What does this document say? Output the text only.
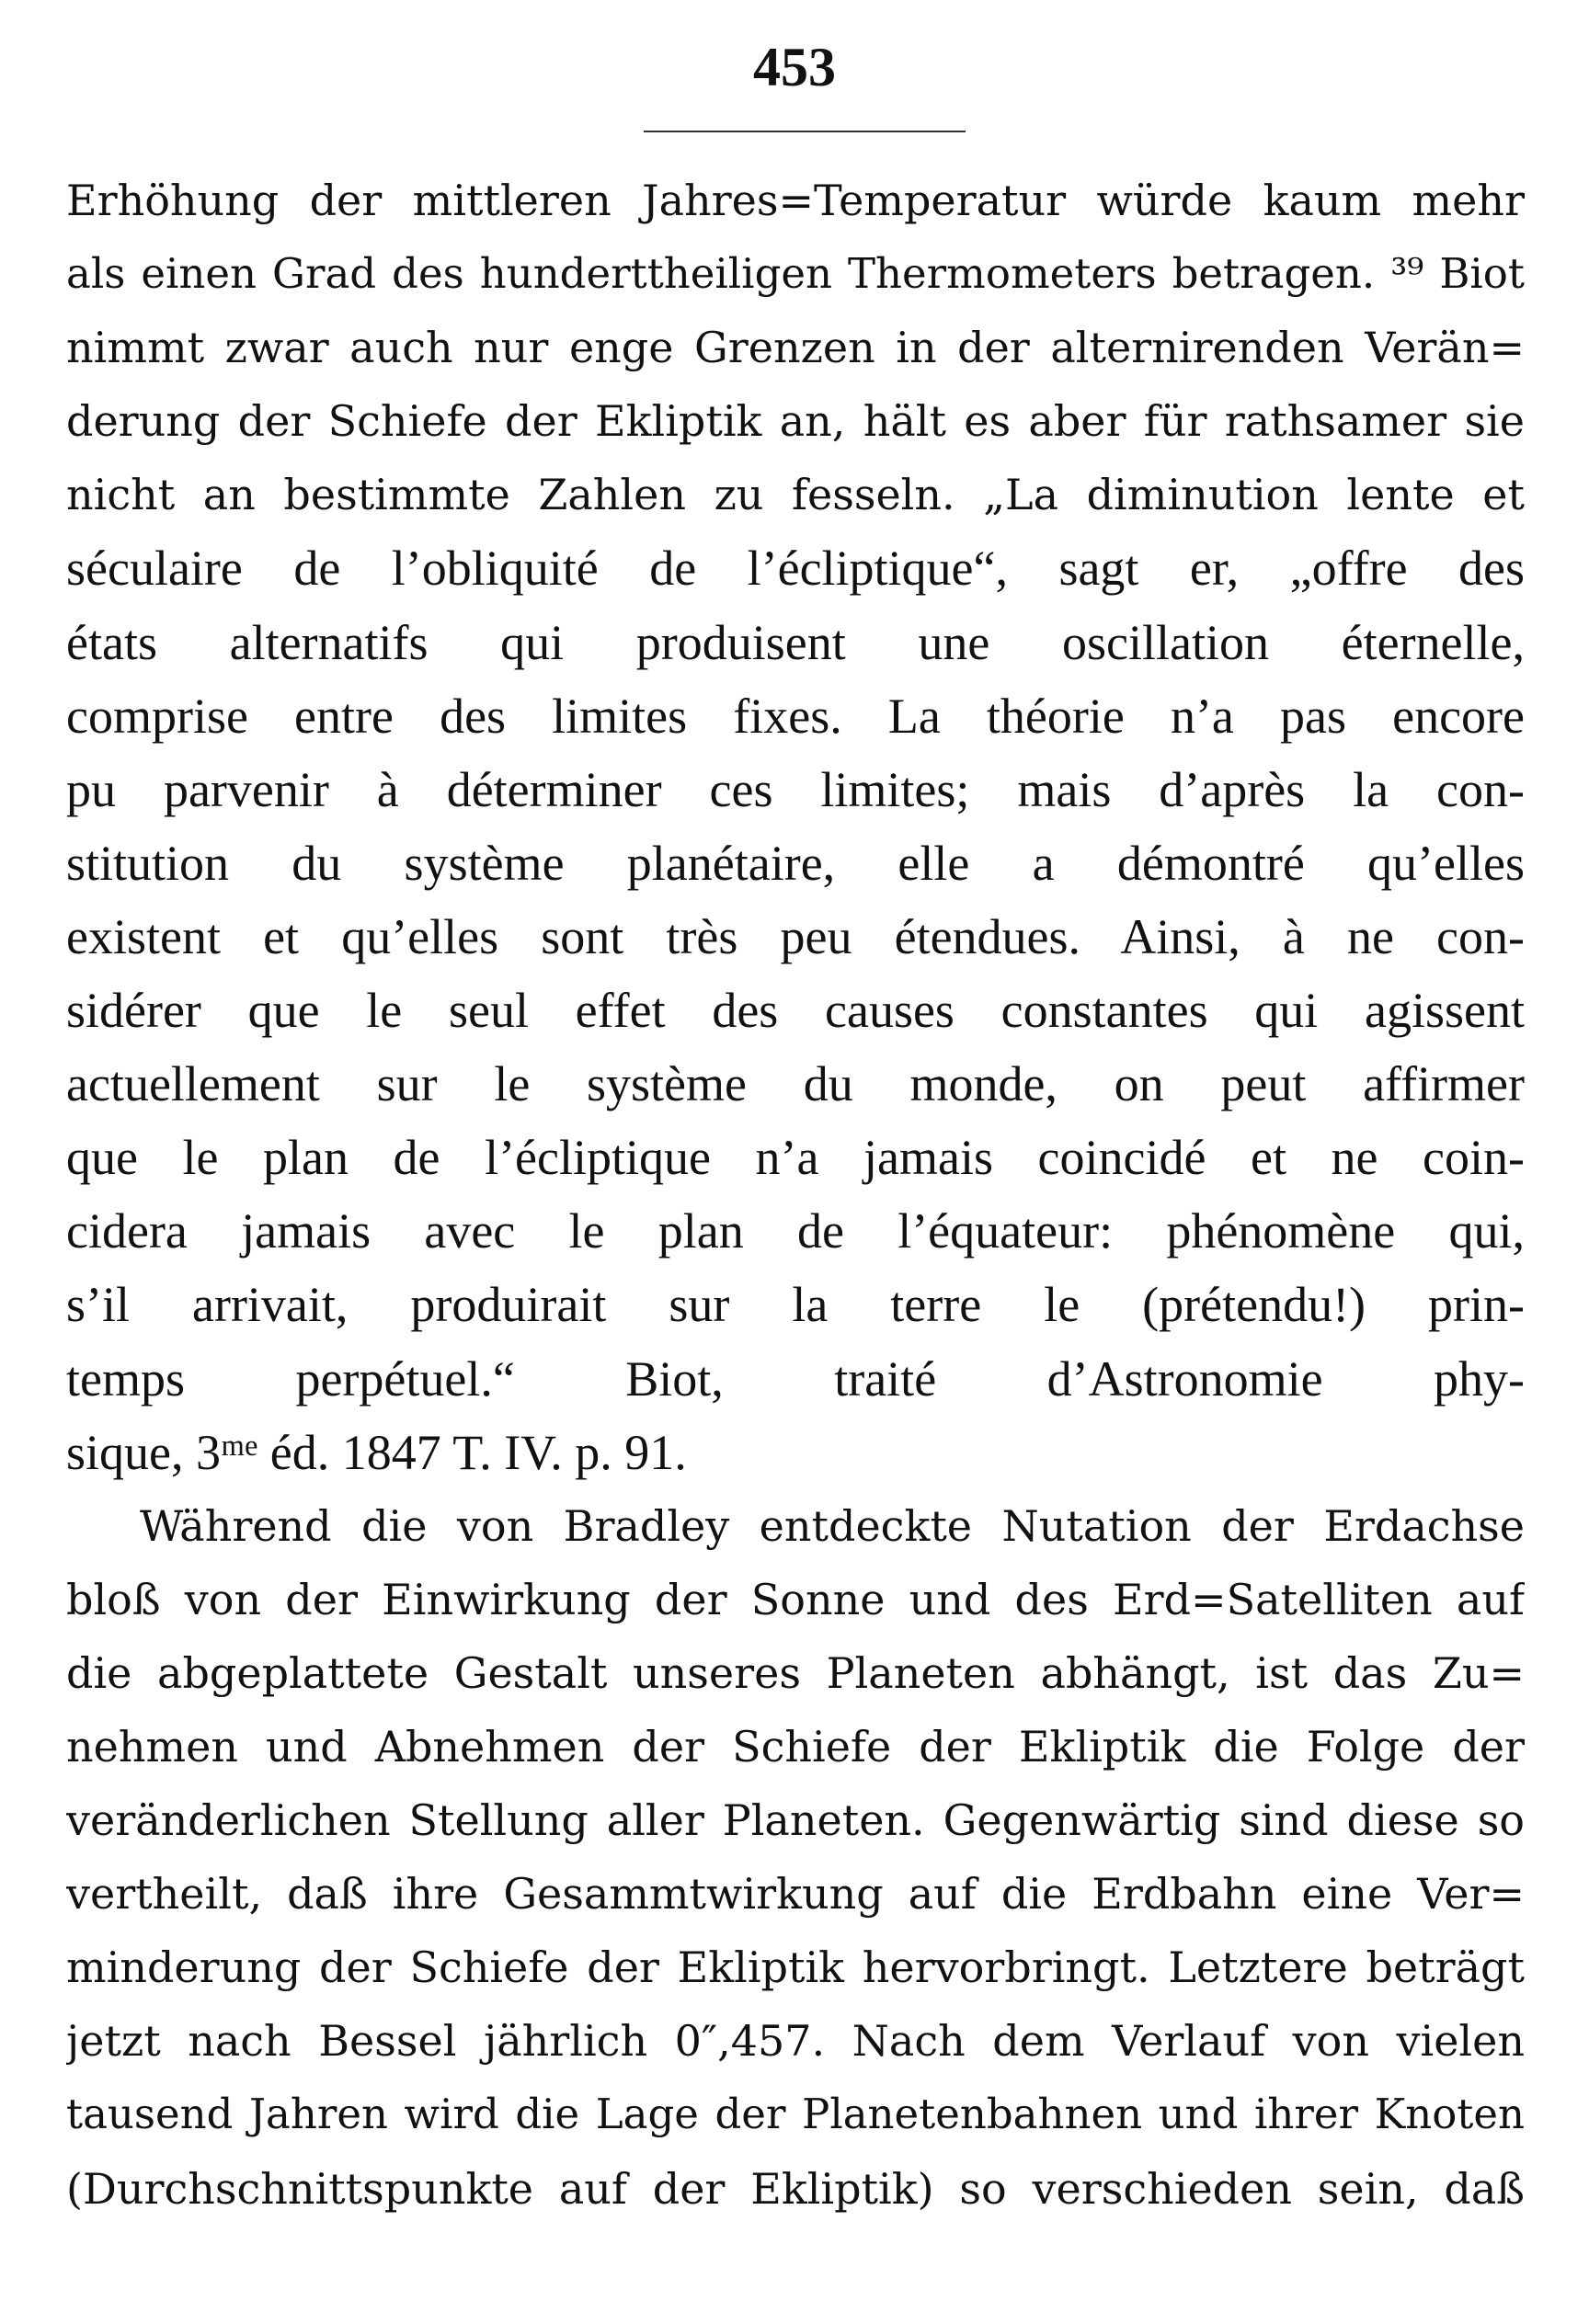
453
Erhöhung der mittleren Jahres=Temperatur würde kaum mehr
als einen Grad des hunderttheiligen Thermometers betragen. ³⁹ Biot
nimmt zwar auch nur enge Grenzen in der alternirenden Verän=
derung der Schiefe der Ekliptik an, hält es aber für rathsamer sie
nicht an bestimmte Zahlen zu fesseln. „La diminution lente et
séculaire de l’obliquité de l’écliptique“, sagt er, „offre des
états alternatifs qui produisent une oscillation éternelle,
comprise entre des limites fixes. La théorie n’a pas encore
pu parvenir à déterminer ces limites; mais d’après la con-
stitution du système planétaire, elle a démontré qu’elles
existent et qu’elles sont très peu étendues. Ainsi, à ne con-
sidérer que le seul effet des causes constantes qui agissent
actuellement sur le système du monde, on peut affirmer
que le plan de l’écliptique n’a jamais coincidé et ne coin-
cidera jamais avec le plan de l’équateur: phénomène qui,
s’il arrivait, produirait sur la terre le (prétendu!) prin-
temps perpétuel.“ Biot, traité d’Astronomie phy-
sique, 3ᵐᵉ éd. 1847 T. IV. p. 91.
Während die von Bradley entdeckte Nutation der Erdachse
bloß von der Einwirkung der Sonne und des Erd=Satelliten auf
die abgeplattete Gestalt unseres Planeten abhängt, ist das Zu=
nehmen und Abnehmen der Schiefe der Ekliptik die Folge der
veränderlichen Stellung aller Planeten. Gegenwärtig sind diese so
vertheilt, daß ihre Gesammtwirkung auf die Erdbahn eine Ver=
minderung der Schiefe der Ekliptik hervorbringt. Letztere beträgt
jetzt nach Bessel jährlich 0″,457. Nach dem Verlauf von vielen
tausend Jahren wird die Lage der Planetenbahnen und ihrer Knoten
(Durchschnittspunkte auf der Ekliptik) so verschieden sein, daß
